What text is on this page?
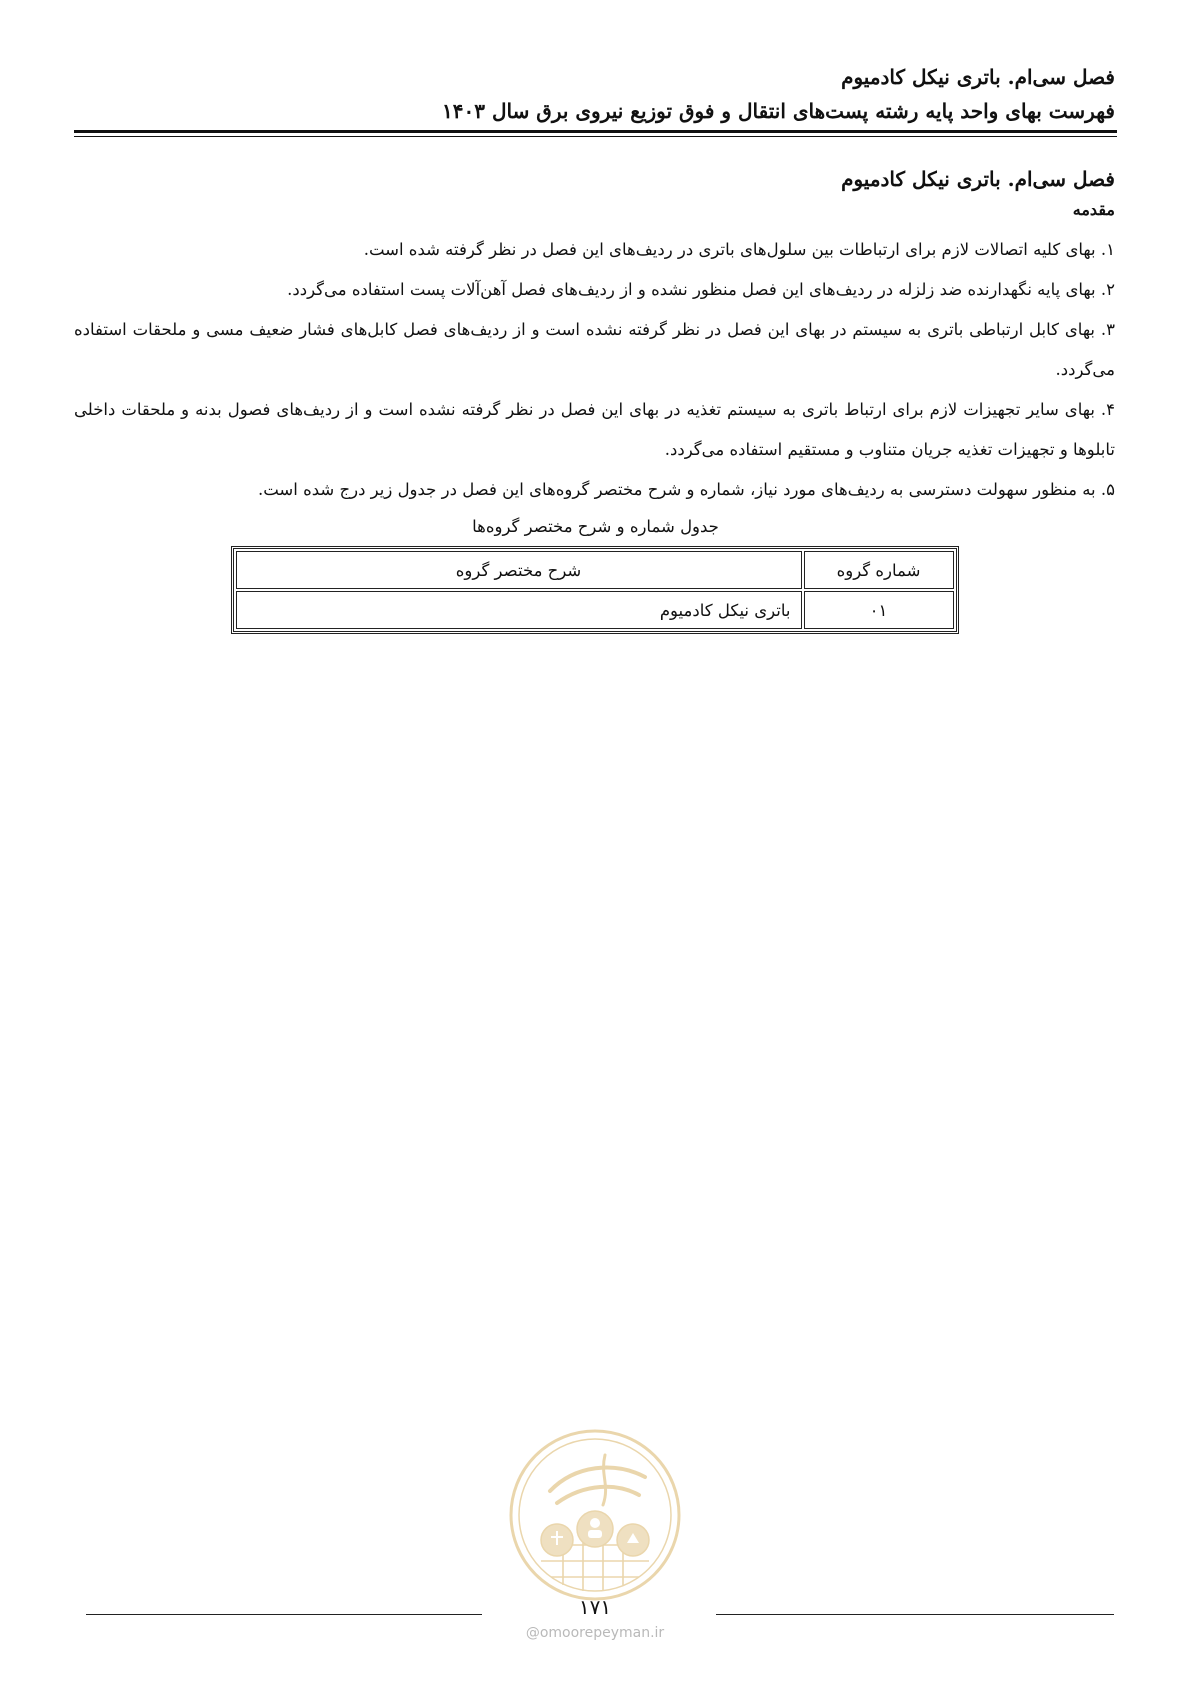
فصل سی‌ام. باتری نیکل کادمیوم
فهرست بهای واحد پایه رشته پست‌های انتقال و فوق توزیع نیروی برق سال ۱۴۰۳
فصل سی‌ام. باتری نیکل کادمیوم
مقدمه

۱. بهای کلیه اتصالات لازم برای ارتباطات بین سلول‌های باتری در ردیف‌های این فصل در نظر گرفته شده است.

۲. بهای پایه نگهدارنده ضد زلزله در ردیف‌های این فصل منظور نشده و از ردیف‌های فصل آهن‌آلات پست استفاده می‌گردد.

۳. بهای کابل ارتباطی باتری به سیستم در بهای این فصل در نظر گرفته نشده است و از ردیف‌های فصل کابل‌های فشار ضعیف مسی و ملحقات استفاده می‌گردد.

۴. بهای سایر تجهیزات لازم برای ارتباط باتری به سیستم تغذیه در بهای این فصل در نظر گرفته نشده است و از ردیف‌های فصول بدنه و ملحقات داخلی تابلوها و تجهیزات تغذیه جریان متناوب و مستقیم استفاده می‌گردد.

۵. به منظور سهولت دسترسی به ردیف‌های مورد نیاز، شماره و شرح مختصر گروه‌های این فصل در جدول زیر درج شده است.

جدول شماره و شرح مختصر گروه‌ها

شماره گروه	شرح مختصر گروه
۰۱	باتری نیکل کادمیوم
۱۷۱
@omoorepeyman.ir
